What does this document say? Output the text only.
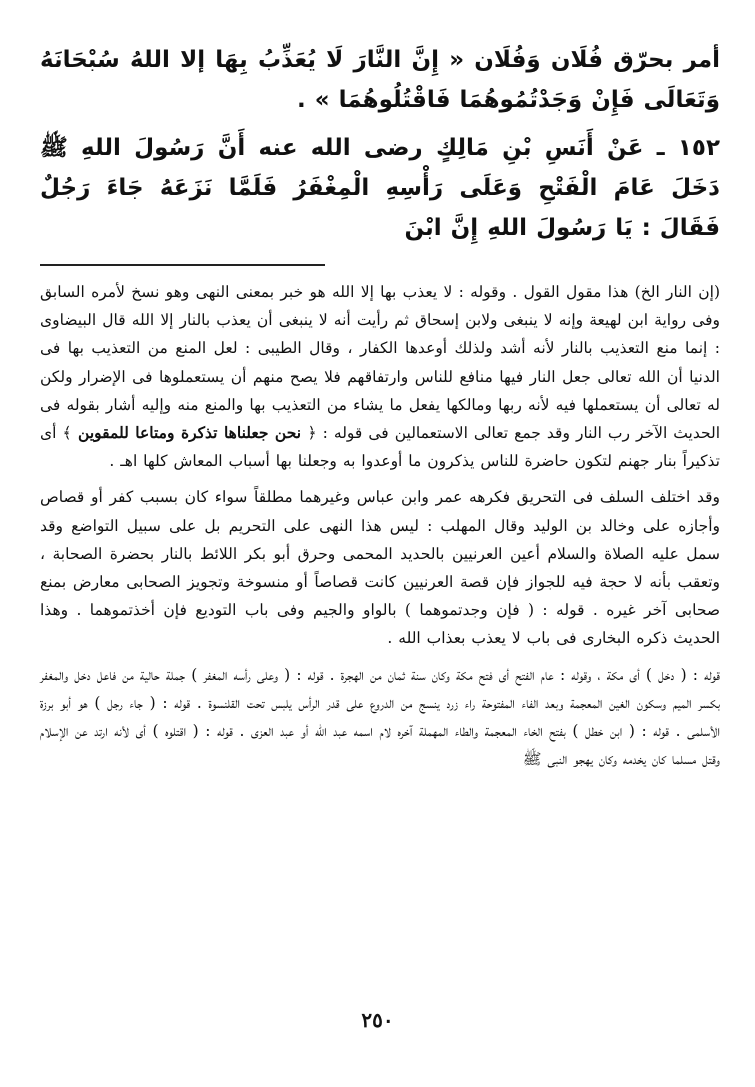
أمر بحرّق فُلَان وَفُلَان « إِنَّ النَّارَ لَا يُعَذِّبُ بِهَا إلا اللهُ سُبْحَانَهُ وَتَعَالَى فَإِنْ وَجَدْتُمُوهُمَا فَاقْتُلُوهُمَا » .

١٥٢ ـ عَنْ أَنَسِ بْنِ مَالِكٍ رضى الله عنه أَنَّ رَسُولَ اللهِ ﷺ دَخَلَ عَامَ الْفَتْحِ وَعَلَى رَأْسِهِ الْمِغْفَرُ فَلَمَّا نَزَعَهُ جَاءَ رَجُلٌ فَقَالَ : يَا رَسُولَ اللهِ إِنَّ ابْنَ

(إن النار الخ) هذا مقول القول . وقوله : لا يعذب بها إلا الله هو خبر بمعنى النهى وهو نسخ لأمره السابق وفى رواية ابن لهيعة وإنه لا ينبغى ولابن إسحاق ثم رأيت أنه لا ينبغى أن يعذب بالنار إلا الله قال البيضاوى : إنما منع التعذيب بالنار لأنه أشد ولذلك أوعدها الكفار ، وقال الطيبى : لعل المنع من التعذيب بها فى الدنيا أن الله تعالى جعل النار فيها منافع للناس وارتفاقهم فلا يصح منهم أن يستعملوها فى الإضرار ولكن له تعالى أن يستعملها فيه لأنه ربها ومالكها يفعل ما يشاء من التعذيب بها والمنع منه وإليه أشار بقوله فى الحديث الآخر رب النار وقد جمع تعالى الاستعمالين فى قوله : ﴿ نحن جعلناها تذكرة ومتاعا للمقوين ﴾ أى تذكيراً بنار جهنم لتكون حاضرة للناس يذكرون ما أوعدوا به وجعلنا بها أسباب المعاش كلها اهـ .

وقد اختلف السلف فى التحريق فكرهه عمر وابن عباس وغيرهما مطلقاً سواء كان بسبب كفر أو قصاص وأجازه على وخالد بن الوليد وقال المهلب : ليس هذا النهى على التحريم بل على سبيل التواضع وقد سمل عليه الصلاة والسلام أعين العرنيين بالحديد المحمى وحرق أبو بكر اللائط بالنار بحضرة الصحابة ، وتعقب بأنه لا حجة فيه للجواز فإن قصة العرنيين كانت قصاصاً أو منسوخة وتجويز الصحابى معارض بمنع صحابى آخر غيره . قوله : ( فإن وجدتموهما ) بالواو والجيم وفى باب التوديع فإن أخذتموهما . وهذا الحديث ذكره البخارى فى باب لا يعذب بعذاب الله .

قوله : ( دخل ) أى مكة ، وقوله : عام الفتح أى فتح مكة وكان سنة ثمان من الهجرة . قوله : ( وعلى رأسه المغفر ) جملة حالية من فاعل دخل والمغفر بكسر الميم وسكون الغين المعجمة وبعد الفاء المفتوحة راء زرد ينسج من الدروع على قدر الرأس يلبس تحت القلنسوة . قوله : ( جاء رجل ) هو أبو برزة الأسلمى . قوله : ( ابن خطل ) بفتح الخاء المعجمة والطاء المهملة آخره لام اسمه عبد الله أو عبد العزى . قوله : ( اقتلوه ) أى لأنه ارتد عن الإسلام وقتل مسلما كان يخدمه وكان يهجو النبى ﷺ

٢٥٠
